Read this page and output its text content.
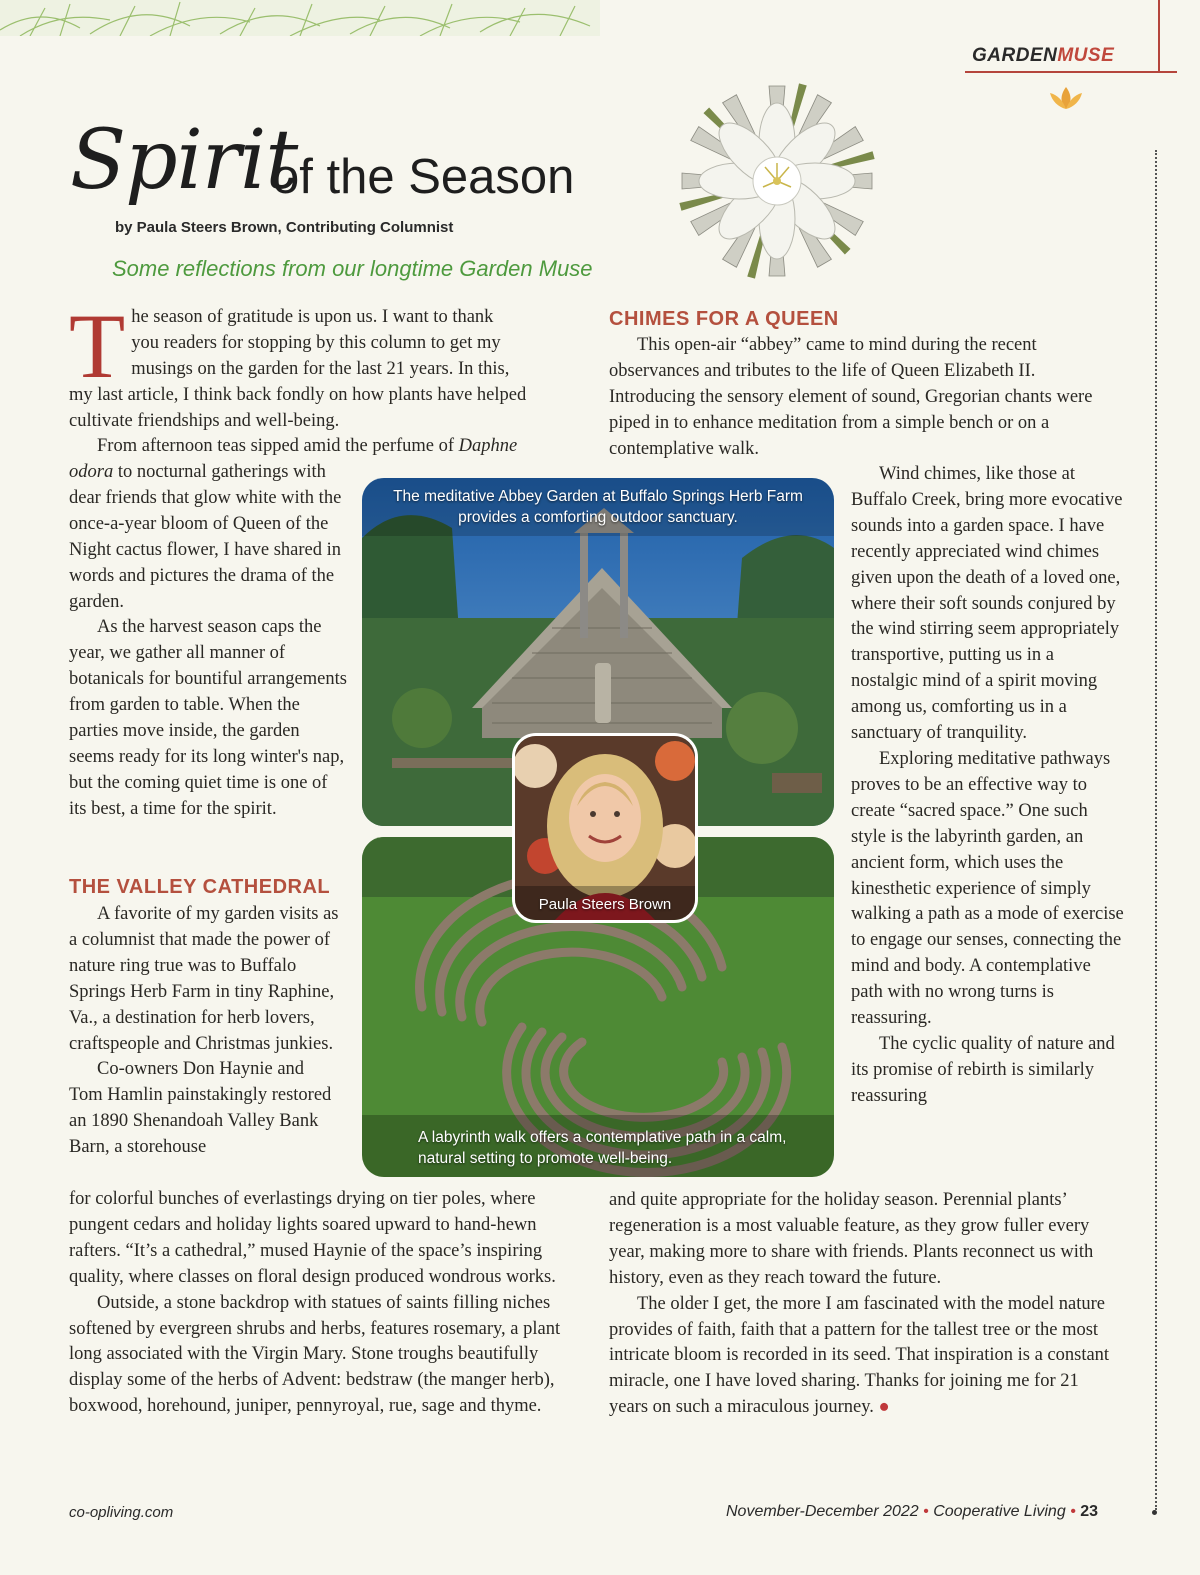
GARDENMUSE
Spirit
of the Season
by Paula Steers Brown, Contributing Columnist
Some reflections from our longtime Garden Muse
T he season of gratitude is upon us. I want to thank
you readers for stopping by this column to get my
musings on the garden for the last 21 years. In this,
my last article, I think back fondly on how plants have helped cultivate friendships and well-being.

From afternoon teas sipped amid the perfume of Daphne

odora to nocturnal gatherings with dear friends that glow white with the once-a-year bloom of Queen of the Night cactus flower, I have shared in words and pictures the drama of the garden.

As the harvest season caps the year, we gather all manner of botanicals for bountiful arrangements from garden to table. When the parties move inside, the garden seems ready for its long winter's nap, but the coming quiet time is one of its best, a time for the spirit.

THE VALLEY CATHEDRAL

A favorite of my garden visits as a columnist that made the power of nature ring true was to Buffalo Springs Herb Farm in tiny Raphine, Va., a destination for herb lovers, craftspeople and Christmas junkies.

Co-owners Don Haynie and Tom Hamlin painstakingly restored an 1890 Shenandoah Valley Bank Barn, a storehouse

for colorful bunches of everlastings drying on tier poles, where pungent cedars and holiday lights soared upward to hand-hewn rafters. “It’s a cathedral,” mused Haynie of the space’s inspiring quality, where classes on floral design produced wondrous works.

Outside, a stone backdrop with statues of saints filling niches softened by evergreen shrubs and herbs, features rosemary, a plant long associated with the Virgin Mary. Stone troughs beautifully display some of the herbs of Advent: bedstraw (the manger herb), boxwood, horehound, juniper, pennyroyal, rue, sage and thyme.

CHIMES FOR A QUEEN

This open-air “abbey” came to mind during the recent observances and tributes to the life of Queen Elizabeth II. Introducing the sensory element of sound, Gregorian chants were piped in to enhance meditation from a simple bench or on a contemplative walk.

Wind chimes, like those at Buffalo Creek, bring more evocative sounds into a garden space. I have recently appreciated wind chimes given upon the death of a loved one, where their soft sounds conjured by the wind stirring seem appropriately transportive, putting us in a nostalgic mind of a spirit moving among us, comforting us in a sanctuary of tranquility.

Exploring meditative pathways proves to be an effective way to create “sacred space.” One such style is the labyrinth garden, an ancient form, which uses the kinesthetic experience of simply walking a path as a mode of exercise to engage our senses, connecting the mind and body. A contemplative path with no wrong turns is reassuring.

The cyclic quality of nature and its promise of rebirth is similarly reassuring

and quite appropriate for the holiday season. Perennial plants’ regeneration is a most valuable feature, as they grow fuller every year, making more to share with friends. Plants reconnect us with history, even as they reach toward the future.

The older I get, the more I am fascinated with the model nature provides of faith, faith that a pattern for the tallest tree or the most intricate bloom is recorded in its seed. That inspiration is a constant miracle, one I have loved sharing. Thanks for joining me for 21 years on such a miraculous journey. ●

The meditative Abbey Garden at Buffalo Springs Herb Farm provides a comforting outdoor sanctuary.
A labyrinth walk offers a contemplative path in a calm, natural setting to promote well-being.
Paula Steers Brown
co-opliving.com	November-December 2022 • Cooperative Living • 23
